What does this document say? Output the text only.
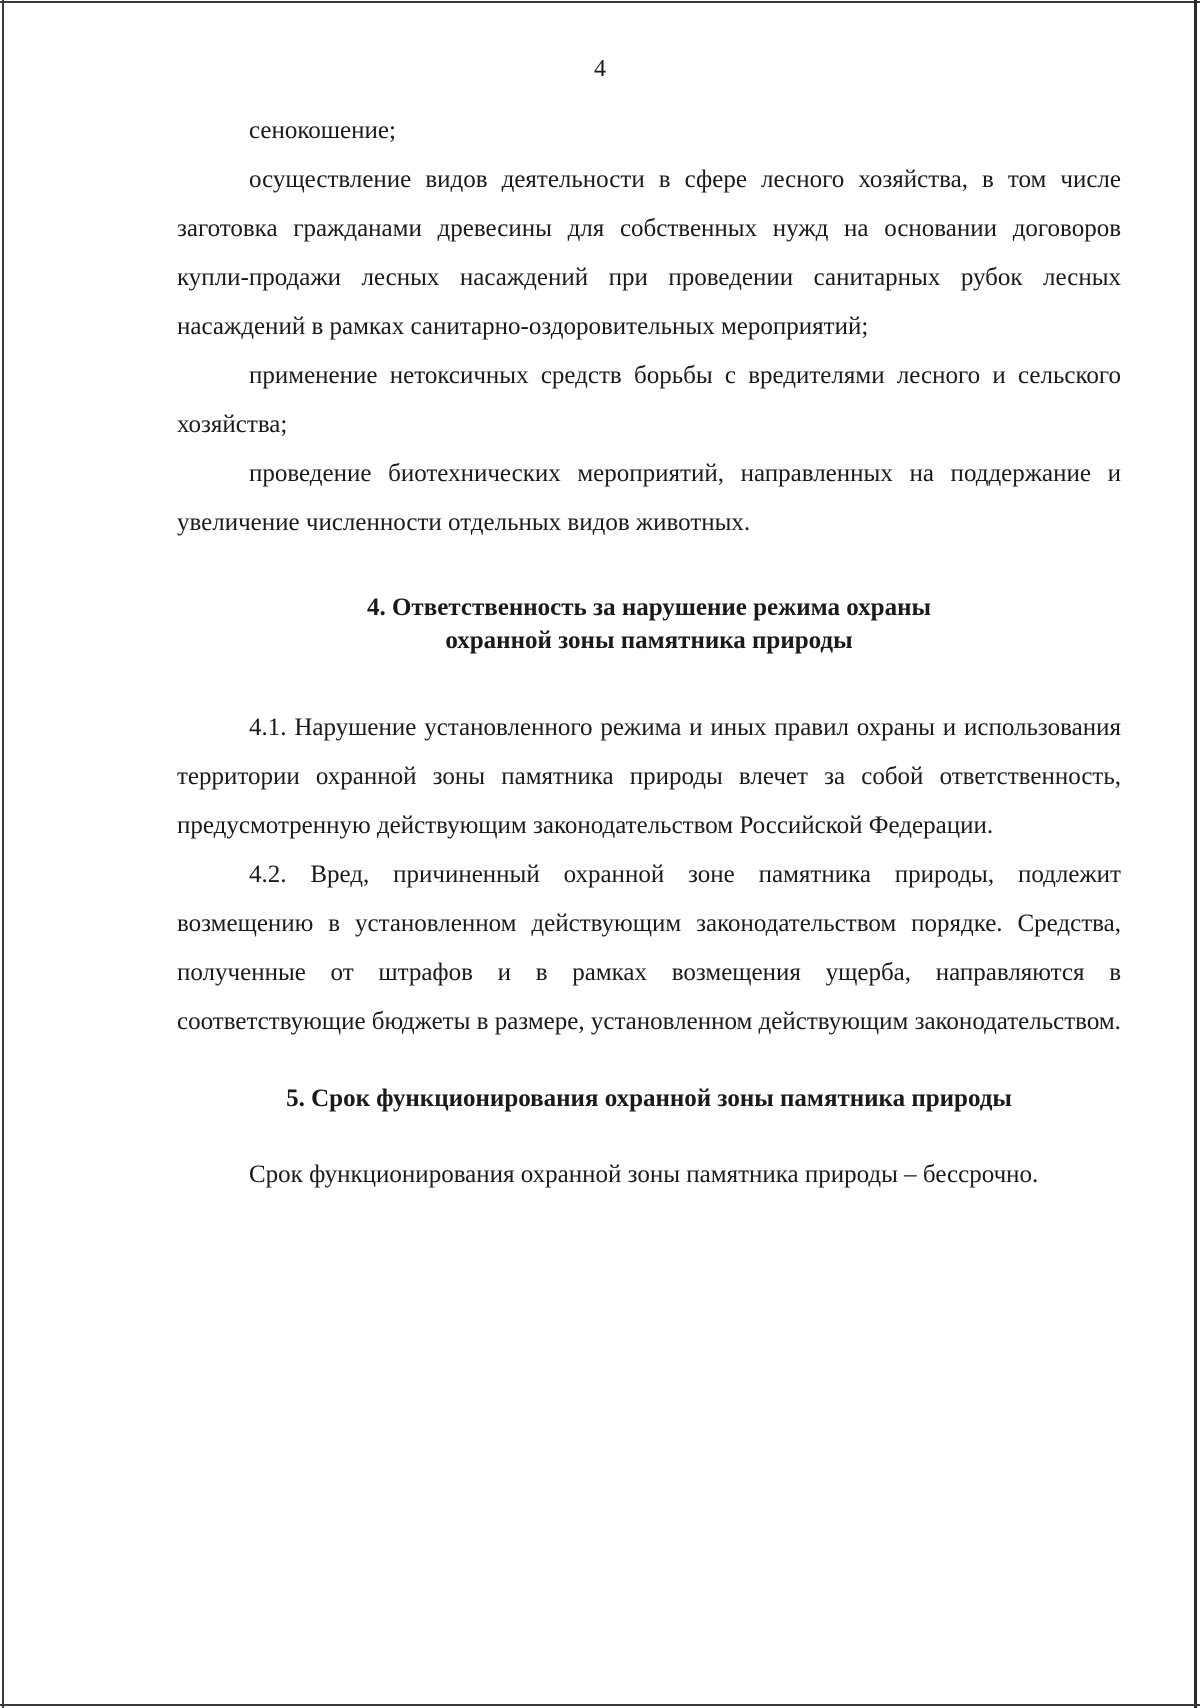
4

сенокошение;

осуществление видов деятельности в сфере лесного хозяйства, в том числе заготовка гражданами древесины для собственных нужд на основании договоров купли-продажи лесных насаждений при проведении санитарных рубок лесных насаждений в рамках санитарно-оздоровительных мероприятий;

применение нетоксичных средств борьбы с вредителями лесного и сельского хозяйства;

проведение биотехнических мероприятий, направленных на поддержание и увеличение численности отдельных видов животных.

4. Ответственность за нарушение режима охраны
охранной зоны памятника природы

4.1. Нарушение установленного режима и иных правил охраны и использования территории охранной зоны памятника природы влечет за собой ответственность, предусмотренную действующим законодательством Российской Федерации.

4.2. Вред, причиненный охранной зоне памятника природы, подлежит возмещению в установленном действующим законодательством порядке. Средства, полученные от штрафов и в рамках возмещения ущерба, направляются в соответствующие бюджеты в размере, установленном действующим законодательством.

5. Срок функционирования охранной зоны памятника природы

Срок функционирования охранной зоны памятника природы – бессрочно.
